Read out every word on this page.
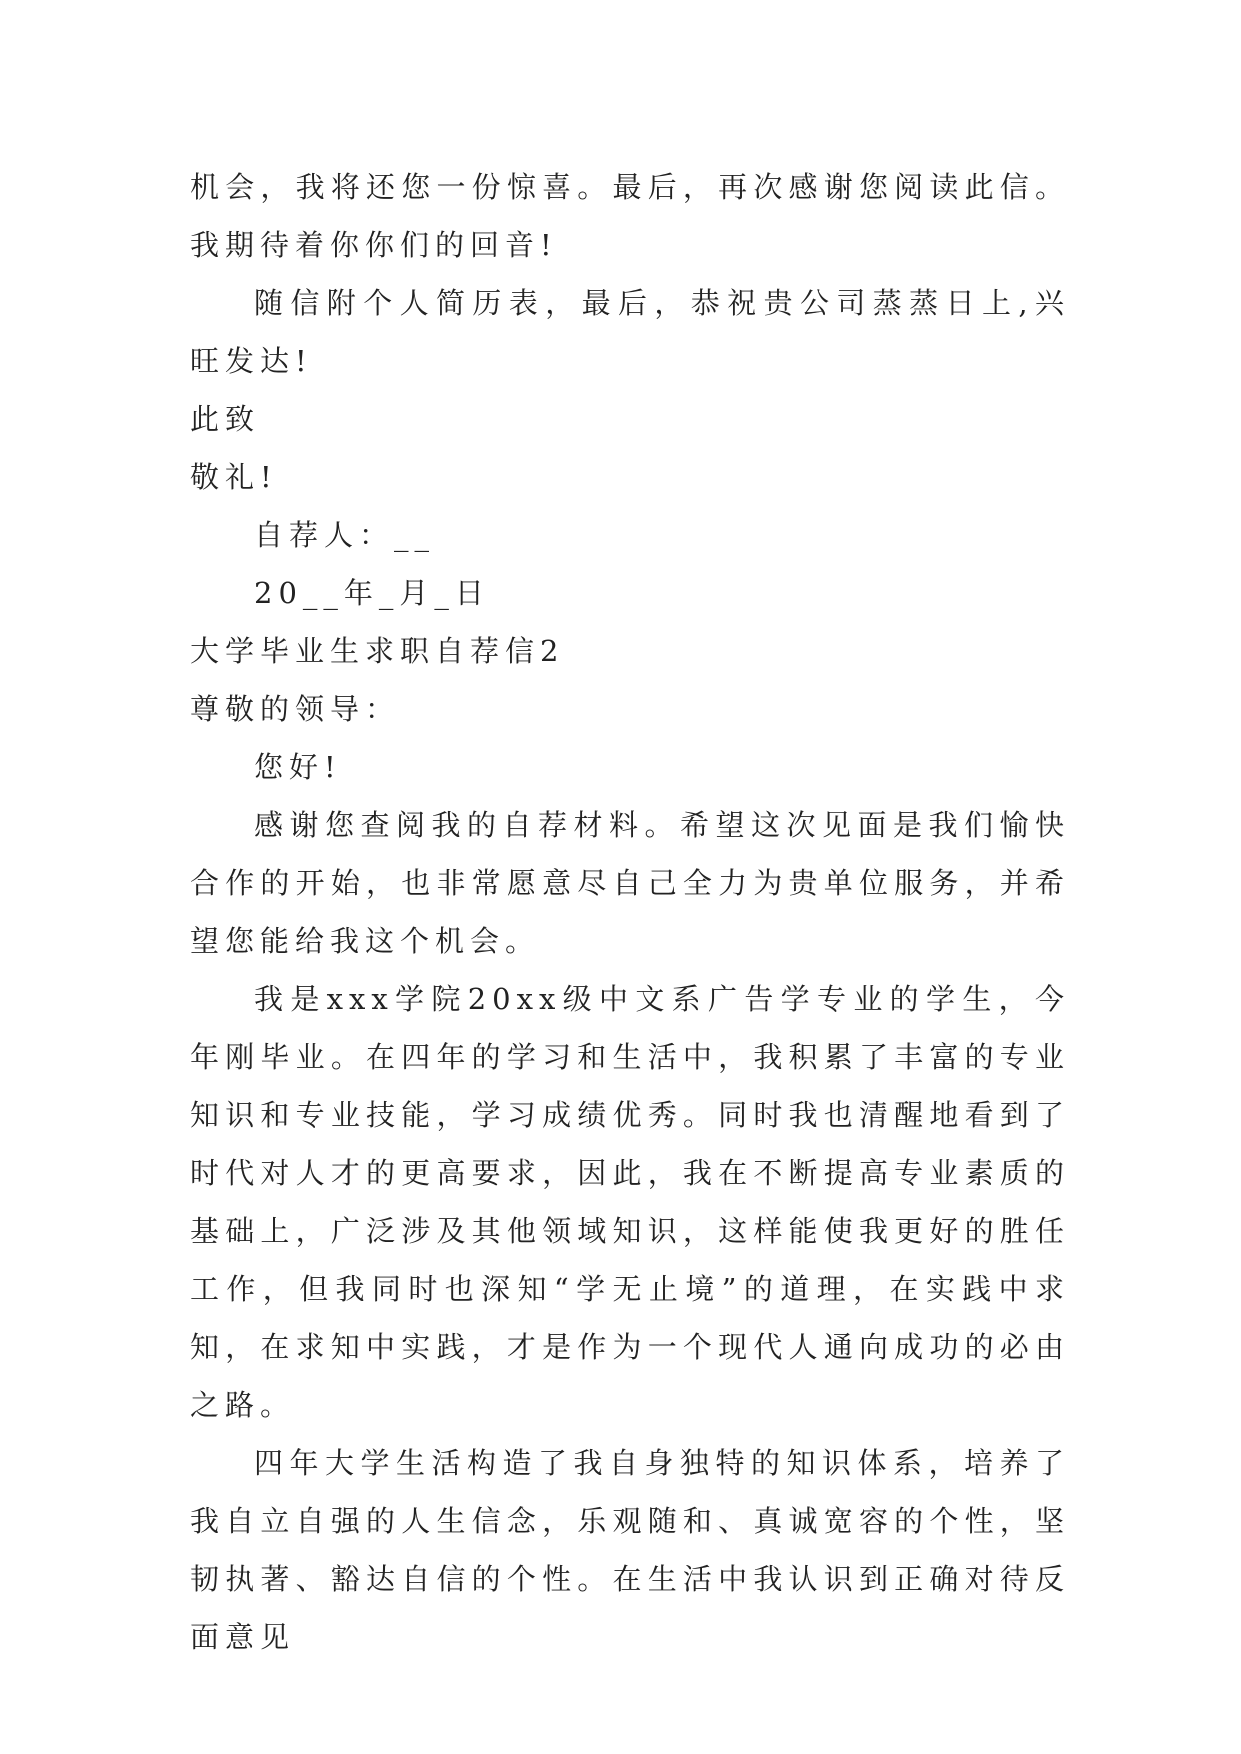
机会，我将还您一份惊喜。最后，再次感谢您阅读此信。我期待着你你们的回音!

随信附个人简历表，最后，恭祝贵公司蒸蒸日上,兴旺发达!

此致

敬礼!

自荐人：__

20__年_月_日

大学毕业生求职自荐信2

尊敬的领导：

您好!

感谢您查阅我的自荐材料。希望这次见面是我们愉快合作的开始，也非常愿意尽自己全力为贵单位服务，并希望您能给我这个机会。

我是xxx学院20xx级中文系广告学专业的学生，今年刚毕业。在四年的学习和生活中，我积累了丰富的专业知识和专业技能，学习成绩优秀。同时我也清醒地看到了时代对人才的更高要求，因此，我在不断提高专业素质的基础上，广泛涉及其他领域知识，这样能使我更好的胜任工作，但我同时也深知“学无止境”的道理，在实践中求知，在求知中实践，才是作为一个现代人通向成功的必由之路。

四年大学生活构造了我自身独特的知识体系，培养了我自立自强的人生信念，乐观随和、真诚宽容的个性，坚韧执著、豁达自信的个性。在生活中我认识到正确对待反面意见
